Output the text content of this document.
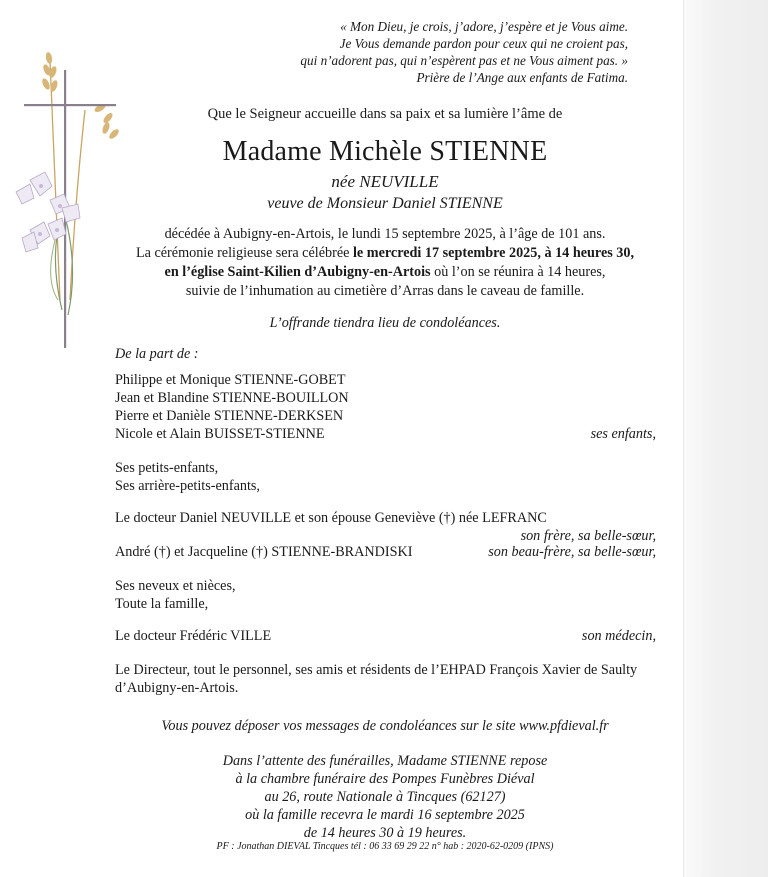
« Mon Dieu, je crois, j’adore, j’espère et je Vous aime.
Je Vous demande pardon pour ceux qui ne croient pas,
qui n’adorent pas, qui n’espèrent pas et ne Vous aiment pas. »
Prière de l’Ange aux enfants de Fatima.
Que le Seigneur accueille dans sa paix et sa lumière l’âme de
Madame Michèle STIENNE
née NEUVILLE
veuve de Monsieur Daniel STIENNE
décédée à Aubigny-en-Artois, le lundi 15 septembre 2025, à l’âge de 101 ans.
La cérémonie religieuse sera célébrée le mercredi 17 septembre 2025, à 14 heures 30,
en l’église Saint-Kilien d’Aubigny-en-Artois où l’on se réunira à 14 heures,
suivie de l’inhumation au cimetière d’Arras dans le caveau de famille.
L’offrande tiendra lieu de condoléances.
De la part de :
Philippe et Monique STIENNE-GOBET
Jean et Blandine STIENNE-BOUILLON
Pierre et Danièle STIENNE-DERKSEN
Nicole et Alain BUISSET-STIENNE	ses enfants,
Ses petits-enfants,
Ses arrière-petits-enfants,
Le docteur Daniel NEUVILLE et son épouse Geneviève (†) née LEFRANC
son frère, sa belle-sœur,
André (†) et Jacqueline (†) STIENNE-BRANDISKI	son beau-frère, sa belle-sœur,
Ses neveux et nièces,
Toute la famille,
Le docteur Frédéric VILLE	son médecin,
Le Directeur, tout le personnel, ses amis et résidents de l’EHPAD François Xavier de Saulty
d’Aubigny-en-Artois.
Vous pouvez déposer vos messages de condoléances sur le site www.pfdieval.fr
Dans l’attente des funérailles, Madame STIENNE repose
à la chambre funéraire des Pompes Funèbres Diéval
au 26, route Nationale à Tincques (62127)
où la famille recevra le mardi 16 septembre 2025
de 14 heures 30 à 19 heures.
PF : Jonathan DIEVAL Tincques tél : 06 33 69 29 22 n° hab : 2020-62-0209 (IPNS)
